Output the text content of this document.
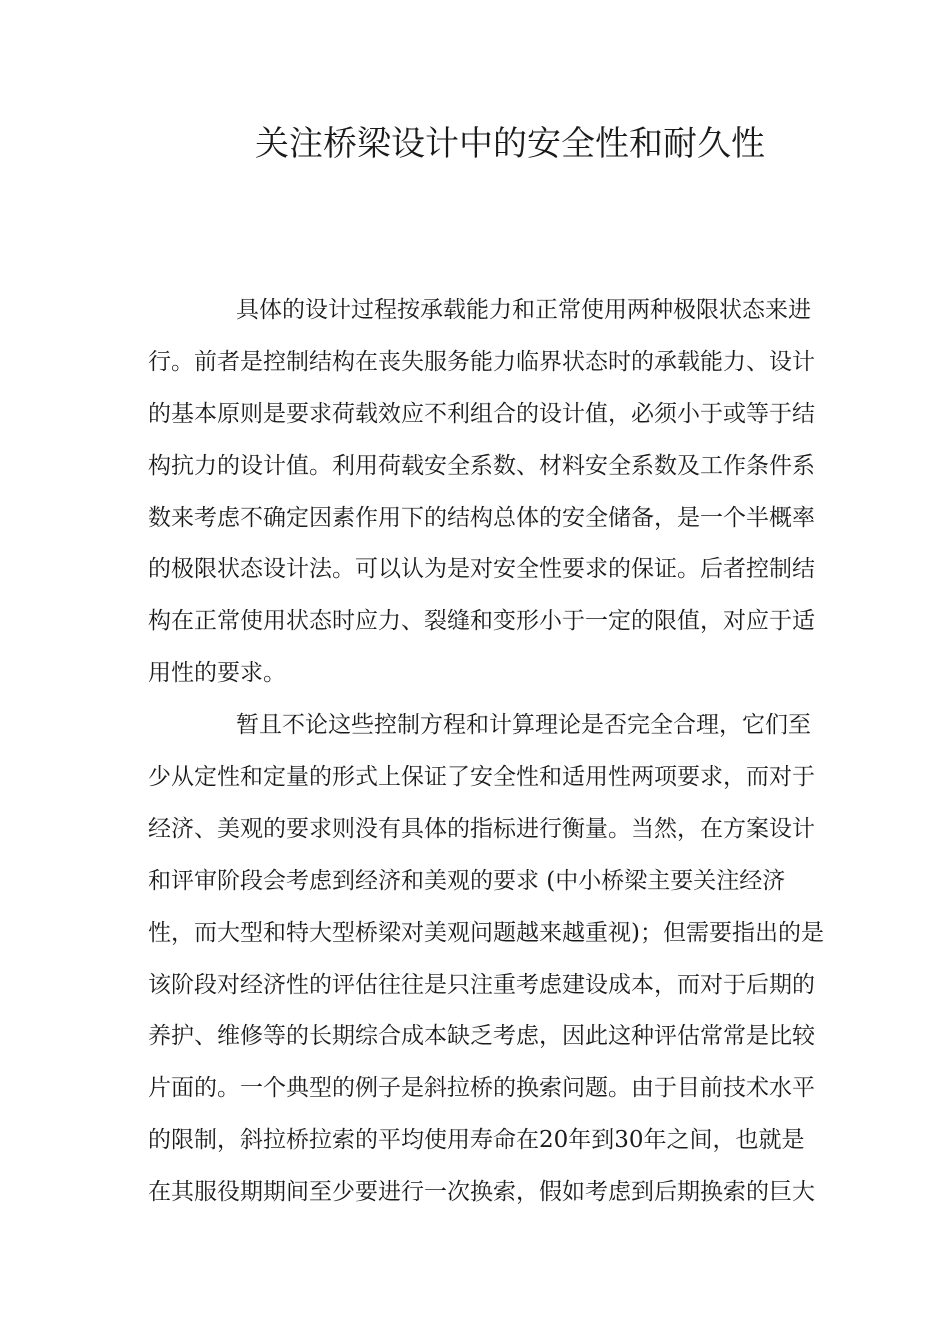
关注桥梁设计中的安全性和耐久性

具体的设计过程按承载能力和正常使用两种极限状态来进

行。前者是控制结构在丧失服务能力临界状态时的承载能力、设计

的基本原则是要求荷载效应不利组合的设计值，必须小于或等于结

构抗力的设计值。利用荷载安全系数、材料安全系数及工作条件系

数来考虑不确定因素作用下的结构总体的安全储备，是一个半概率

的极限状态设计法。可以认为是对安全性要求的保证。后者控制结

构在正常使用状态时应力、裂缝和变形小于一定的限值，对应于适

用性的要求。

暂且不论这些控制方程和计算理论是否完全合理，它们至

少从定性和定量的形式上保证了安全性和适用性两项要求，而对于

经济、美观的要求则没有具体的指标进行衡量。当然，在方案设计

和评审阶段会考虑到经济和美观的要求 (中小桥梁主要关注经济

性，而大型和特大型桥梁对美观问题越来越重视)；但需要指出的是

该阶段对经济性的评估往往是只注重考虑建设成本，而对于后期的

养护、维修等的长期综合成本缺乏考虑，因此这种评估常常是比较

片面的。一个典型的例子是斜拉桥的换索问题。由于目前技术水平

的限制，斜拉桥拉索的平均使用寿命在20年到30年之间，也就是

在其服役期期间至少要进行一次换索，假如考虑到后期换索的巨大
